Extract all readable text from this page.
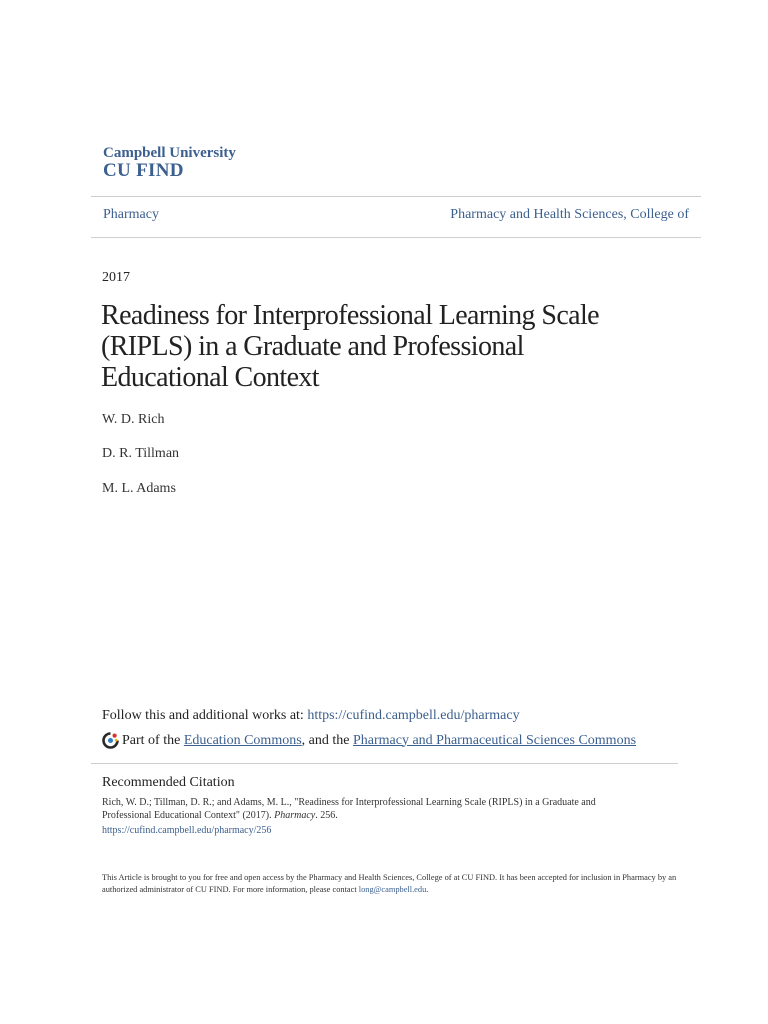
Campbell University
CU FIND
Pharmacy	Pharmacy and Health Sciences, College of
2017
Readiness for Interprofessional Learning Scale (RIPLS) in a Graduate and Professional Educational Context
W. D. Rich
D. R. Tillman
M. L. Adams
Follow this and additional works at: https://cufind.campbell.edu/pharmacy
Part of the
Education Commons , and the
Pharmacy and Pharmaceutical Sciences Commons
Recommended Citation
Rich, W. D.; Tillman, D. R.; and Adams, M. L., "Readiness for Interprofessional Learning Scale (RIPLS) in a Graduate and Professional Educational Context" (2017). Pharmacy. 256.
https://cufind.campbell.edu/pharmacy/256
This Article is brought to you for free and open access by the Pharmacy and Health Sciences, College of at CU FIND. It has been accepted for inclusion in Pharmacy by an authorized administrator of CU FIND. For more information, please contact long@campbell.edu.
